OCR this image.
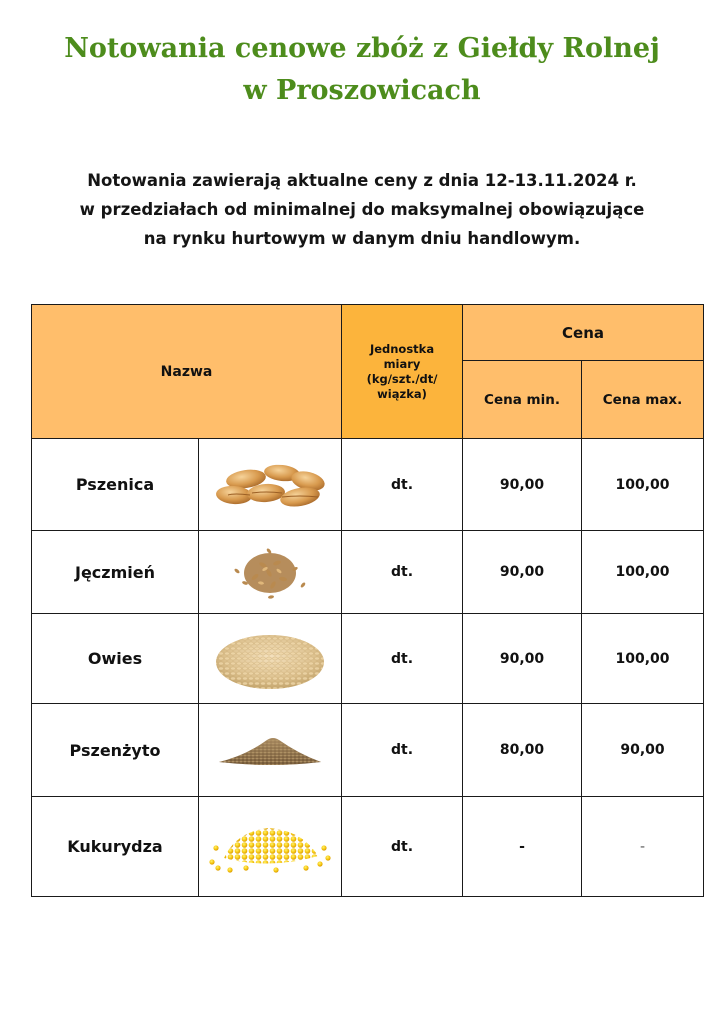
Notowania cenowe zbóż z Giełdy Rolnej
w Proszowicach
Notowania zawierają aktualne ceny z dnia 12-13.11.2024 r.
w przedziałach od minimalnej do maksymalnej obowiązujące
na rynku hurtowym w danym dniu handlowym.
Nazwa		Jednostka miary (kg/szt./dt/ wiązka)	Cena	
			Cena min.	Cena max.
Pszenica		dt.	90,00	100,00
Jęczmień		dt.	90,00	100,00
Owies		dt.	90,00	100,00
Pszenżyto		dt.	80,00	90,00
Kukurydza		dt.	-	-
